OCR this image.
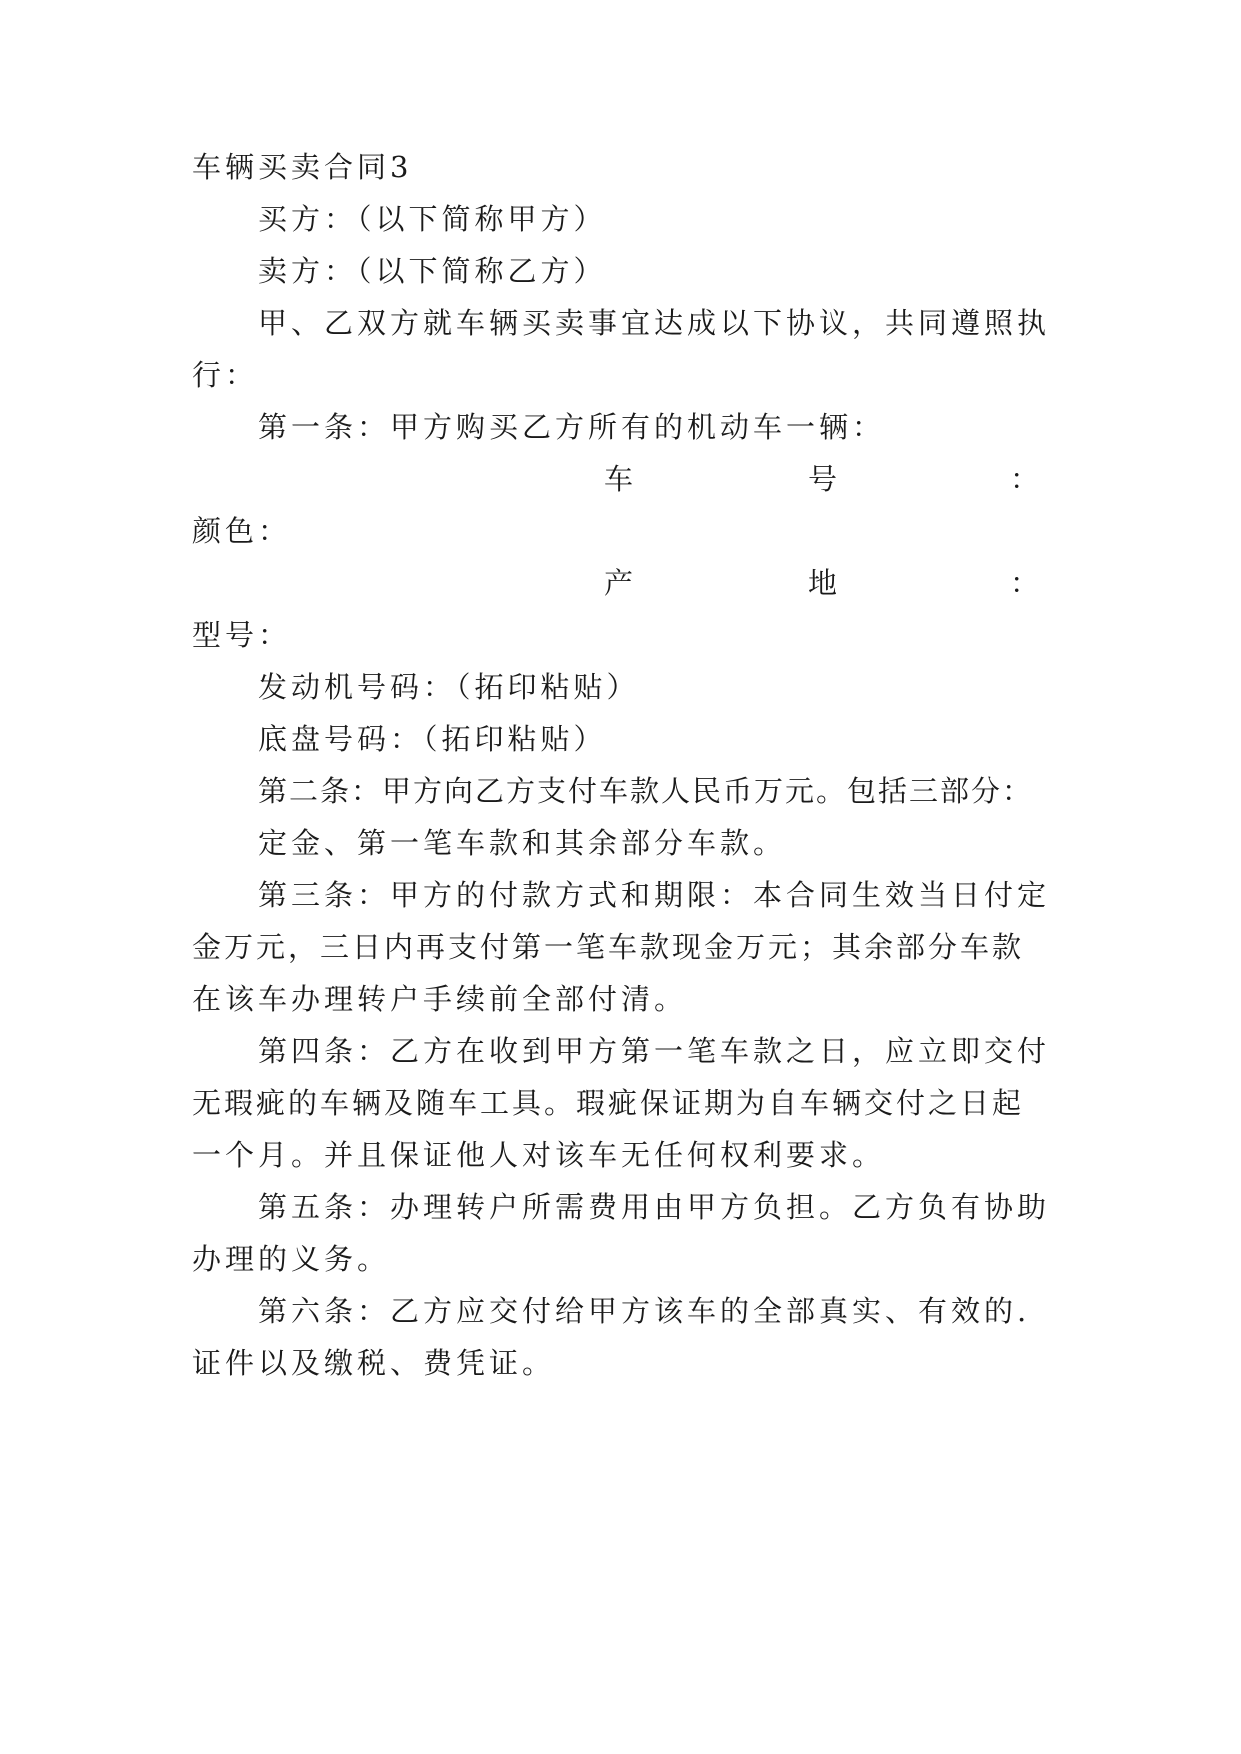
车辆买卖合同3
买方：（以下简称甲方）
卖方：（以下简称乙方）
甲、乙双方就车辆买卖事宜达成以下协议，共同遵照执
行：
第一条：甲方购买乙方所有的机动车一辆：
车	号	：
颜色：
产	地	：
型号：
发动机号码：（拓印粘贴）
底盘号码：（拓印粘贴）
第二条：甲方向乙方支付车款人民币万元。包括三部分：
定金、第一笔车款和其余部分车款。
第三条：甲方的付款方式和期限：本合同生效当日付定
金万元，三日内再支付第一笔车款现金万元；其余部分车款
在该车办理转户手续前全部付清。
第四条：乙方在收到甲方第一笔车款之日，应立即交付
无瑕疵的车辆及随车工具。瑕疵保证期为自车辆交付之日起
一个月。并且保证他人对该车无任何权利要求。
第五条：办理转户所需费用由甲方负担。乙方负有协助
办理的义务。
第六条：乙方应交付给甲方该车的全部真实、有效的.
证件以及缴税、费凭证。
